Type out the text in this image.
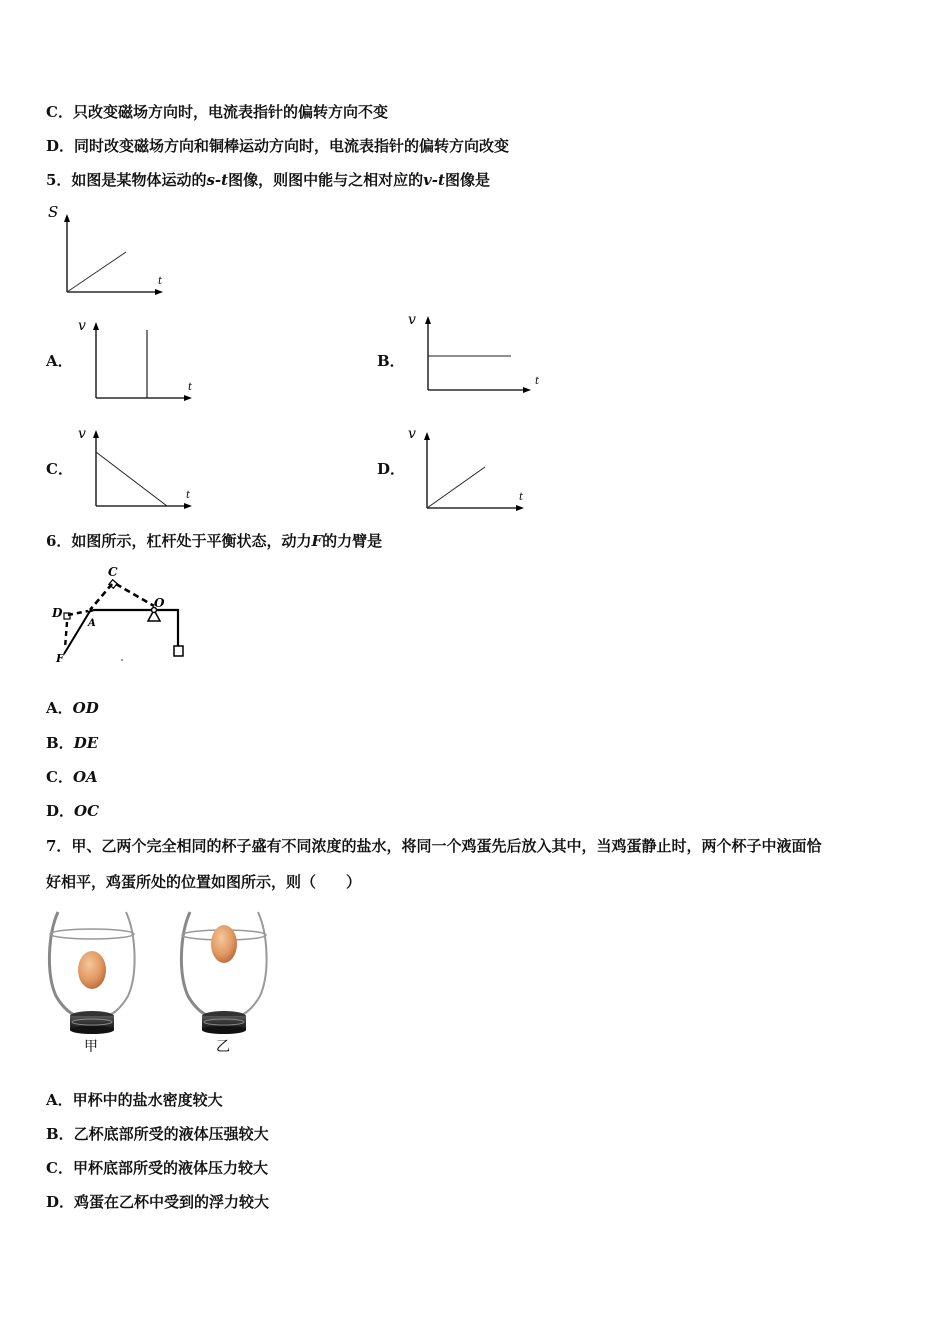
C．只改变磁场方向时，电流表指针的偏转方向不变
D．同时改变磁场方向和铜棒运动方向时，电流表指针的偏转方向改变
5．如图是某物体运动的s-t图像，则图中能与之相对应的v-t图像是
S
t
A．
v
t
B．
v
t
C．
v
t
D．
v
t
6．如图所示，杠杆处于平衡状态，动力F的力臂是
C
O
D
A
F
A．OD
B．DE
C．OA
D．OC
7．甲、乙两个完全相同的杯子盛有不同浓度的盐水，将同一个鸡蛋先后放入其中，当鸡蛋静止时，两个杯子中液面恰
好相平，鸡蛋所处的位置如图所示，则（　　）
甲	乙
A．甲杯中的盐水密度较大
B．乙杯底部所受的液体压强较大
C．甲杯底部所受的液体压力较大
D．鸡蛋在乙杯中受到的浮力较大
